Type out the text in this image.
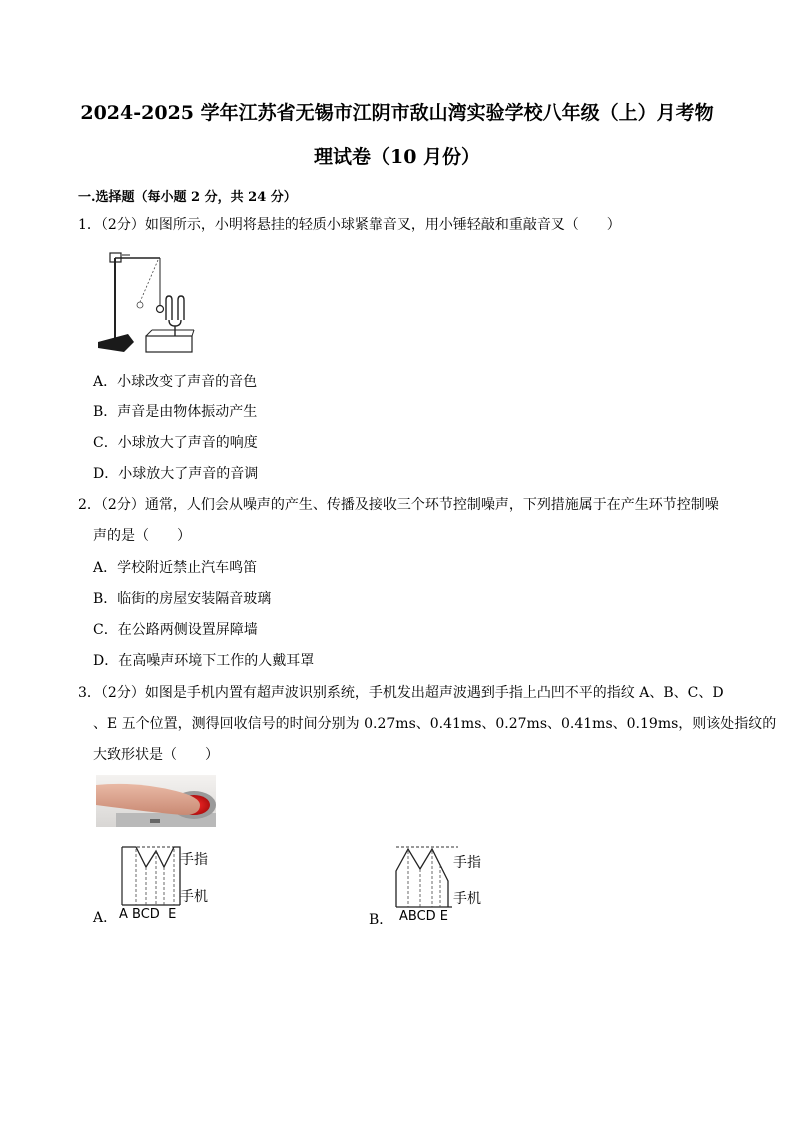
2024-2025 学年江苏省无锡市江阴市敌山湾实验学校八年级（上）月考物
理试卷（10 月份）
一.选择题（每小题 2 分，共 24 分）
1．（2分）如图所示，小明将悬挂的轻质小球紧靠音叉，用小锤轻敲和重敲音叉（　　）
A．小球改变了声音的音色
B．声音是由物体振动产生
C．小球放大了声音的响度
D．小球放大了声音的音调
2．（2分）通常，人们会从噪声的产生、传播及接收三个环节控制噪声，下列措施属于在产生环节控制噪
声的是（　　）
A．学校附近禁止汽车鸣笛
B．临街的房屋安装隔音玻璃
C．在公路两侧设置屏障墙
D．在高噪声环境下工作的人戴耳罩
3．（2分）如图是手机内置有超声波识别系统，手机发出超声波遇到手指上凸凹不平的指纹 A、B、C、D
、E 五个位置，测得回收信号的时间分别为 0.27ms、0.41ms、0.27ms、0.41ms、0.19ms，则该处指纹的
大致形状是（　　）
A．
手指
手机
A BCD  E	B．
手指
手机
ABCD E
